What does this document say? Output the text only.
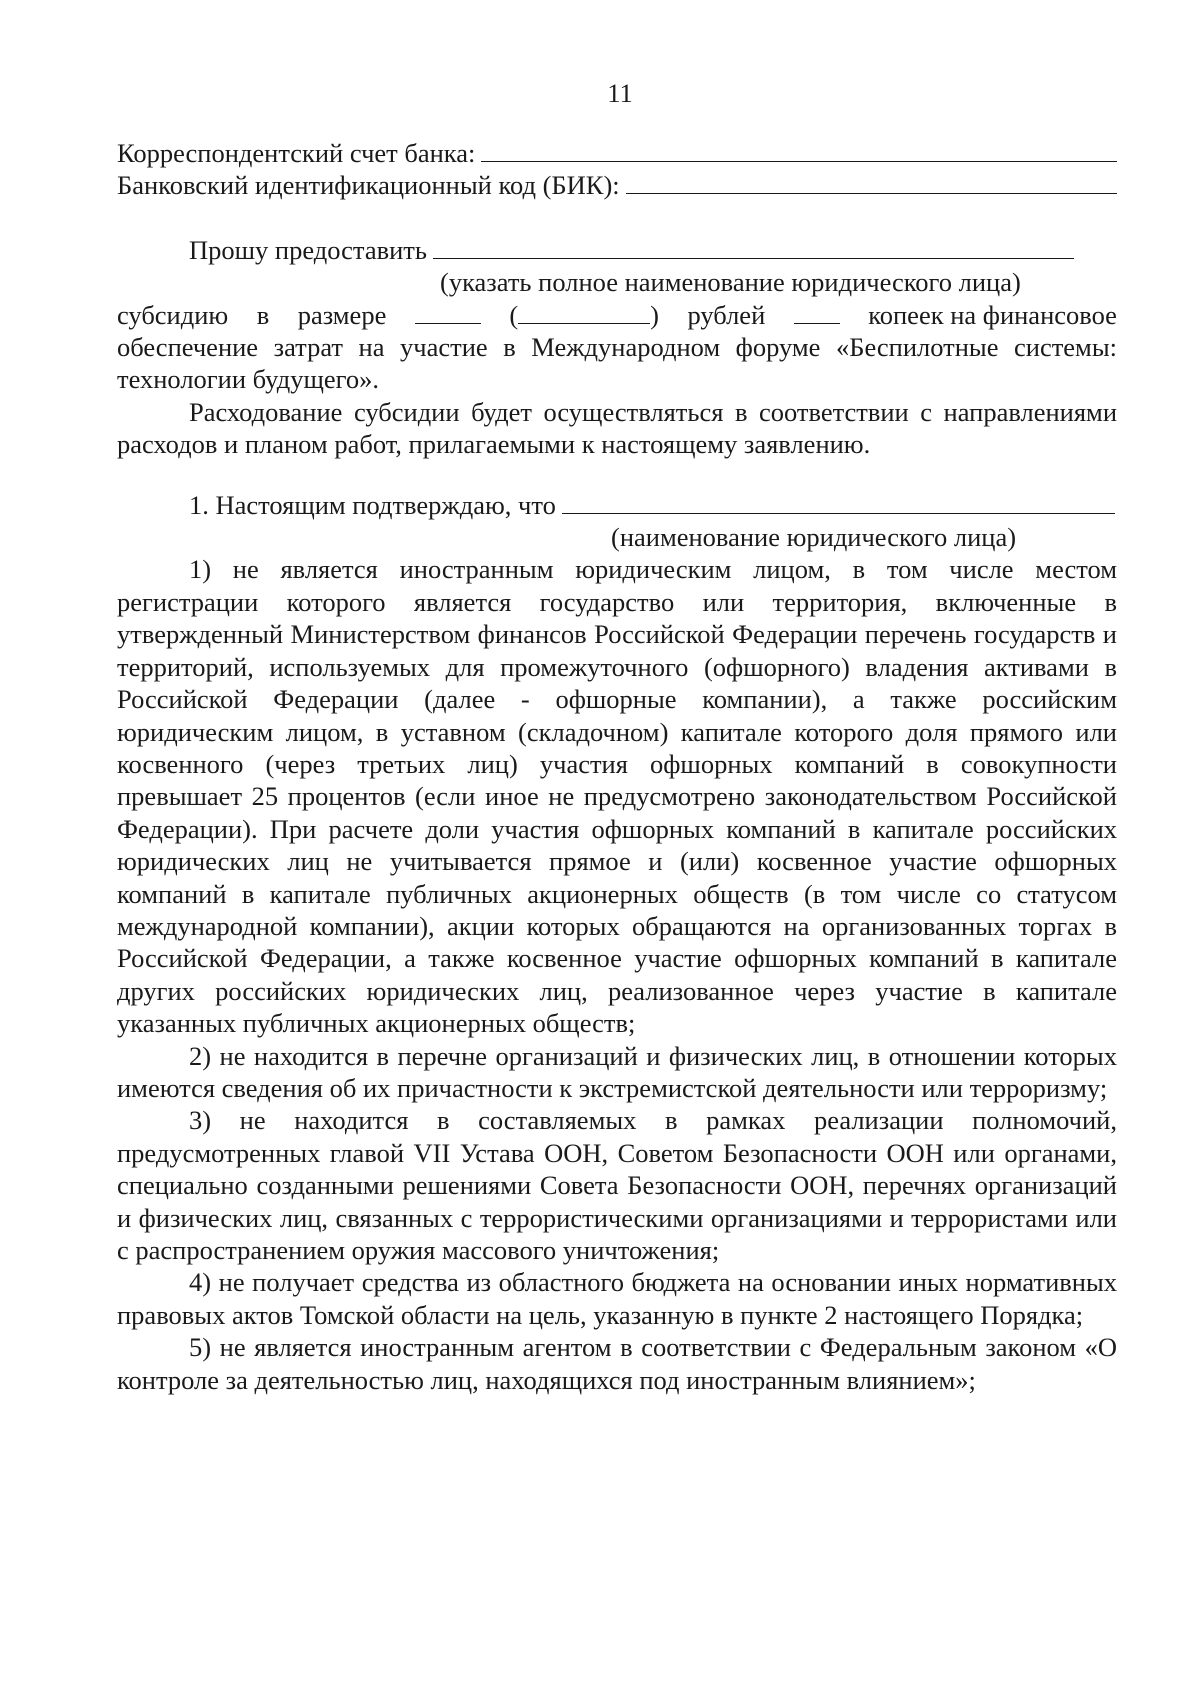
11
Корреспондентский счет банка:
Банковский идентификационный код (БИК):
Прошу предоставить
(указать полное наименование юридического лица)
субсидию в размере	(	) рублей	копеек на финансовое

обеспечение затрат на участие в Международном форуме «Беспилотные системы: технологии будущего».

Расходование субсидии будет осуществляться в соответствии с направлениями расходов и планом работ, прилагаемыми к настоящему заявлению.

1. Настоящим подтверждаю, что
(наименование юридического лица)

1) не является иностранным юридическим лицом, в том числе местом регистрации которого является государство или территория, включенные в утвержденный Министерством финансов Российской Федерации перечень государств и территорий, используемых для промежуточного (офшорного) владения активами в Российской Федерации (далее - офшорные компании), а также российским юридическим лицом, в уставном (складочном) капитале которого доля прямого или косвенного (через третьих лиц) участия офшорных компаний в совокупности превышает 25 процентов (если иное не предусмотрено законодательством Российской Федерации). При расчете доли участия офшорных компаний в капитале российских юридических лиц не учитывается прямое и (или) косвенное участие офшорных компаний в капитале публичных акционерных обществ (в том числе со статусом международной компании), акции которых обращаются на организованных торгах в Российской Федерации, а также косвенное участие офшорных компаний в капитале других российских юридических лиц, реализованное через участие в капитале указанных публичных акционерных обществ;

2) не находится в перечне организаций и физических лиц, в отношении которых имеются сведения об их причастности к экстремистской деятельности или терроризму;

3) не находится в составляемых в рамках реализации полномочий, предусмотренных главой VII Устава ООН, Советом Безопасности ООН или органами, специально созданными решениями Совета Безопасности ООН, перечнях организаций и физических лиц, связанных с террористическими организациями и террористами или с распространением оружия массового уничтожения;

4) не получает средства из областного бюджета на основании иных нормативных правовых актов Томской области на цель, указанную в пункте 2 настоящего Порядка;

5) не является иностранным агентом в соответствии с Федеральным законом «О контроле за деятельностью лиц, находящихся под иностранным влиянием»;
